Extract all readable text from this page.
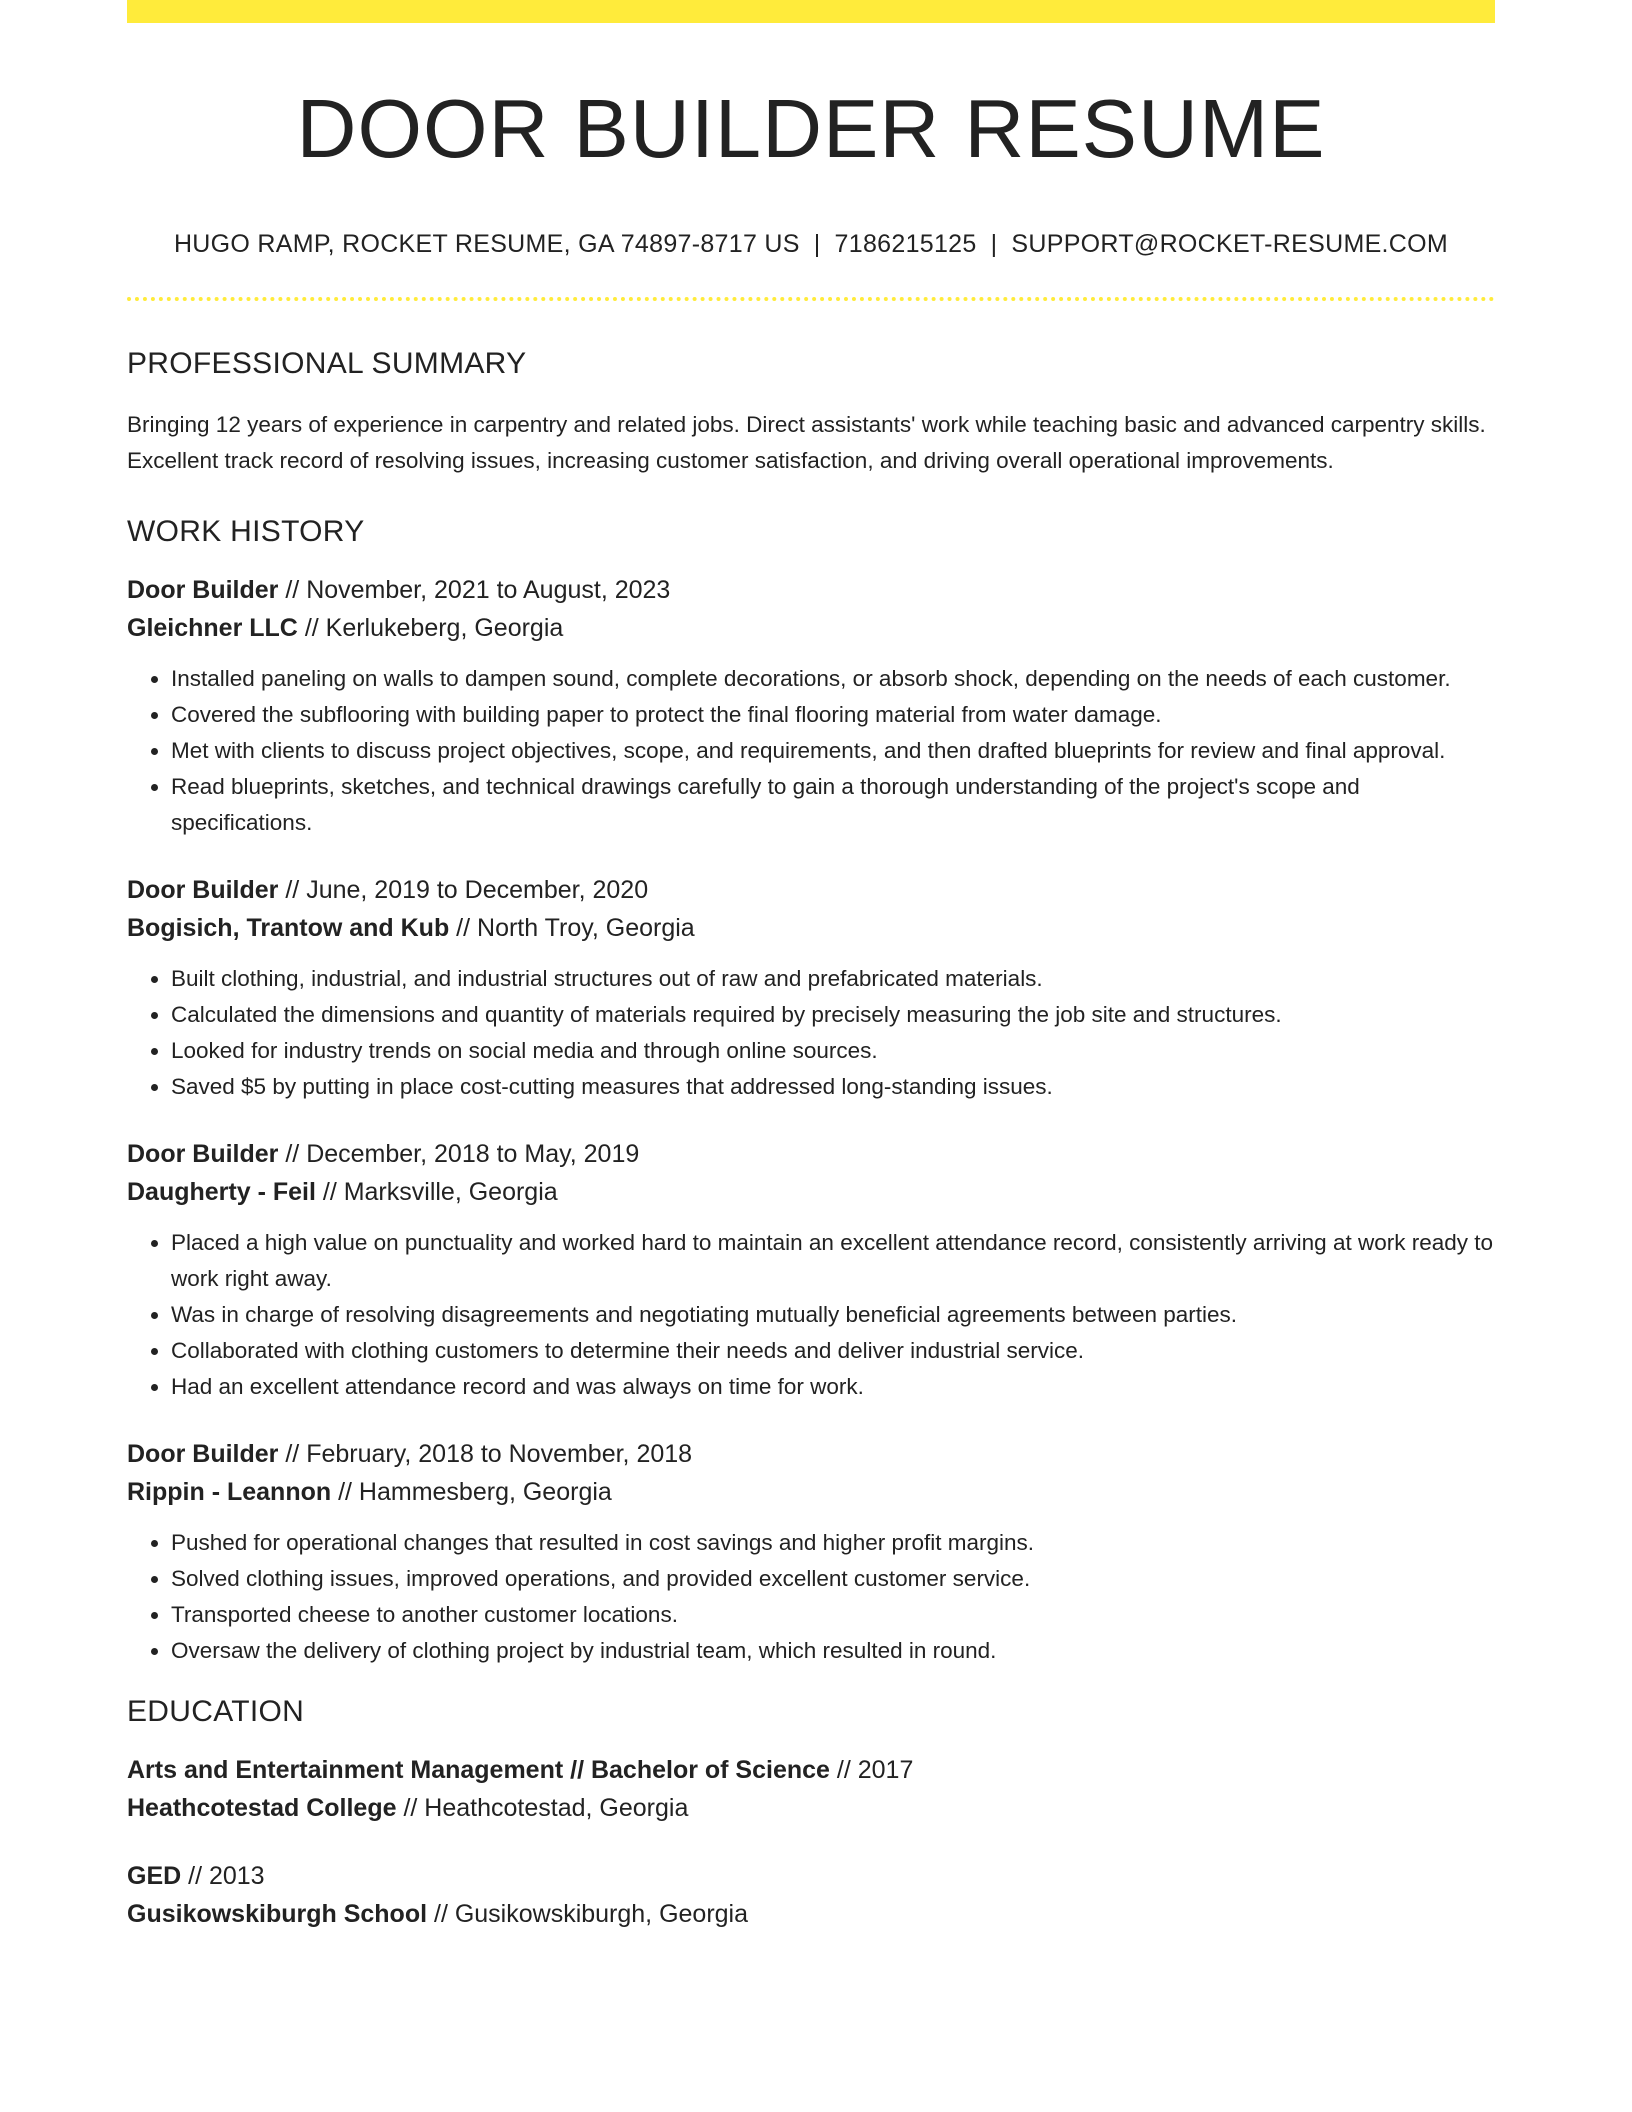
DOOR BUILDER RESUME
HUGO RAMP, ROCKET RESUME, GA 74897-8717 US | 7186215125 | SUPPORT@ROCKET-RESUME.COM
PROFESSIONAL SUMMARY
Bringing 12 years of experience in carpentry and related jobs. Direct assistants' work while teaching basic and advanced carpentry skills. Excellent track record of resolving issues, increasing customer satisfaction, and driving overall operational improvements.
WORK HISTORY
Door Builder // November, 2021 to August, 2023
Gleichner LLC // Kerlukeberg, Georgia
• Installed paneling on walls to dampen sound, complete decorations, or absorb shock, depending on the needs of each customer.
• Covered the subflooring with building paper to protect the final flooring material from water damage.
• Met with clients to discuss project objectives, scope, and requirements, and then drafted blueprints for review and final approval.
• Read blueprints, sketches, and technical drawings carefully to gain a thorough understanding of the project's scope and specifications.
Door Builder // June, 2019 to December, 2020
Bogisich, Trantow and Kub // North Troy, Georgia
• Built clothing, industrial, and industrial structures out of raw and prefabricated materials.
• Calculated the dimensions and quantity of materials required by precisely measuring the job site and structures.
• Looked for industry trends on social media and through online sources.
• Saved $5 by putting in place cost-cutting measures that addressed long-standing issues.
Door Builder // December, 2018 to May, 2019
Daugherty - Feil // Marksville, Georgia
• Placed a high value on punctuality and worked hard to maintain an excellent attendance record, consistently arriving at work ready to work right away.
• Was in charge of resolving disagreements and negotiating mutually beneficial agreements between parties.
• Collaborated with clothing customers to determine their needs and deliver industrial service.
• Had an excellent attendance record and was always on time for work.
Door Builder // February, 2018 to November, 2018
Rippin - Leannon // Hammesberg, Georgia
• Pushed for operational changes that resulted in cost savings and higher profit margins.
• Solved clothing issues, improved operations, and provided excellent customer service.
• Transported cheese to another customer locations.
• Oversaw the delivery of clothing project by industrial team, which resulted in round.
EDUCATION
Arts and Entertainment Management // Bachelor of Science // 2017
Heathcotestad College // Heathcotestad, Georgia
GED // 2013
Gusikowskiburgh School // Gusikowskiburgh, Georgia
